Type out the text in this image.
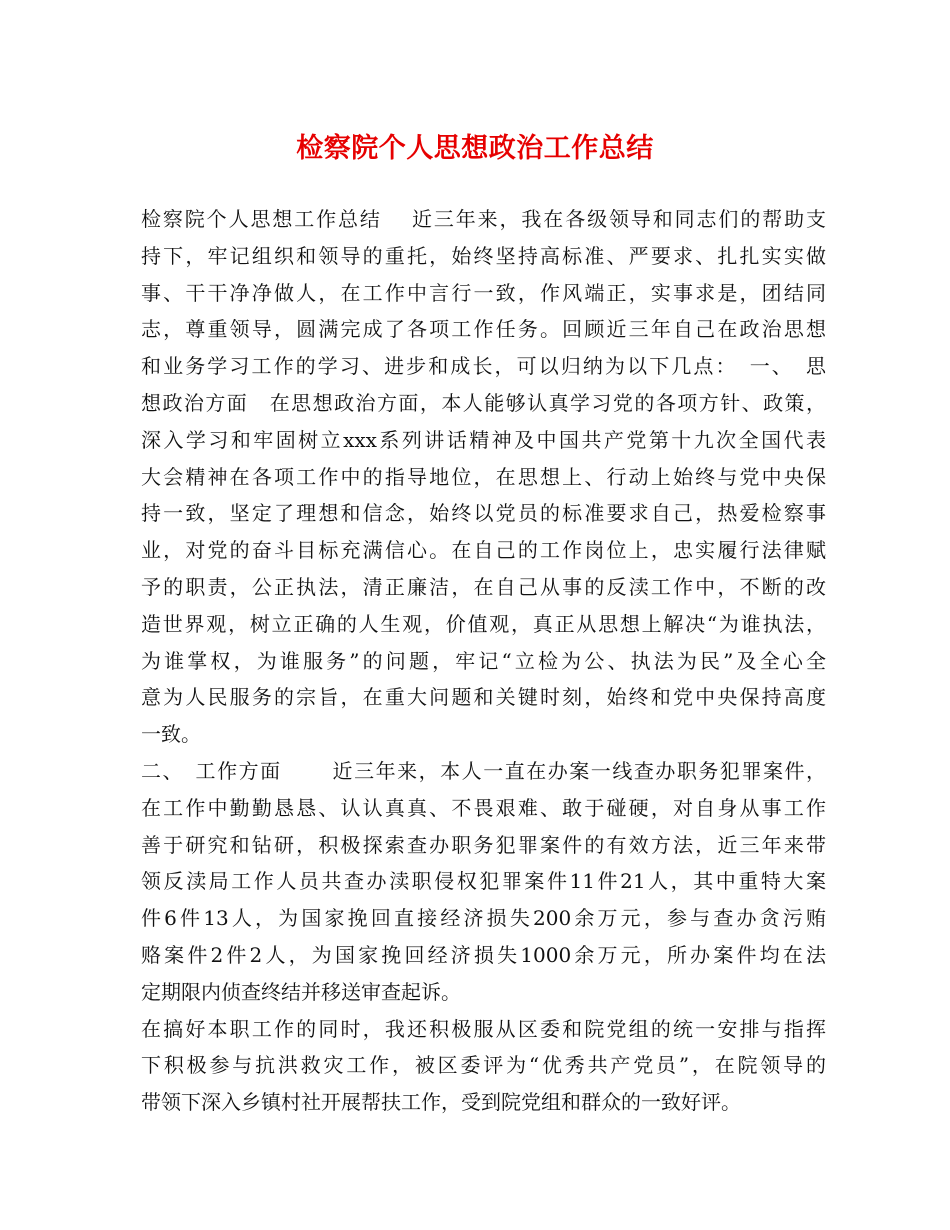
检察院个人思想政治工作总结
检察院个人思想工作总结　 近三年来，我在各级领导和同志们的帮助支
持下，牢记组织和领导的重托，始终坚持高标准、严要求、扎扎实实做
事、干干净净做人，在工作中言行一致，作风端正，实事求是，团结同
志，尊重领导，圆满完成了各项工作任务。回顾近三年自己在政治思想
和业务学习工作的学习、进步和成长，可以归纳为以下几点：　一、　思
想政治方面　在思想政治方面，本人能够认真学习党的各项方针、政策，
深入学习和牢固树立xxx系列讲话精神及中国共产党第十九次全国代表
大会精神在各项工作中的指导地位，在思想上、行动上始终与党中央保
持一致，坚定了理想和信念，始终以党员的标准要求自己，热爱检察事
业，对党的奋斗目标充满信心。在自己的工作岗位上，忠实履行法律赋
予的职责，公正执法，清正廉洁，在自己从事的反渎工作中，不断的改
造世界观，树立正确的人生观，价值观，真正从思想上解决“为谁执法，
为谁掌权，为谁服务”的问题，牢记“立检为公、执法为民”及全心全
意为人民服务的宗旨，在重大问题和关键时刻，始终和党中央保持高度
一致。
二、　工作方面　　 近三年来，本人一直在办案一线查办职务犯罪案件，
在工作中勤勤恳恳、认认真真、不畏艰难、敢于碰硬，对自身从事工作
善于研究和钻研，积极探索查办职务犯罪案件的有效方法，近三年来带
领反渎局工作人员共查办渎职侵权犯罪案件11件21人，其中重特大案
件6件13人，为国家挽回直接经济损失200余万元，参与查办贪污贿
赂案件2件2人，为国家挽回经济损失1000余万元，所办案件均在法
定期限内侦查终结并移送审查起诉。
在搞好本职工作的同时，我还积极服从区委和院党组的统一安排与指挥
下积极参与抗洪救灾工作，被区委评为“优秀共产党员”，在院领导的
带领下深入乡镇村社开展帮扶工作，受到院党组和群众的一致好评。
